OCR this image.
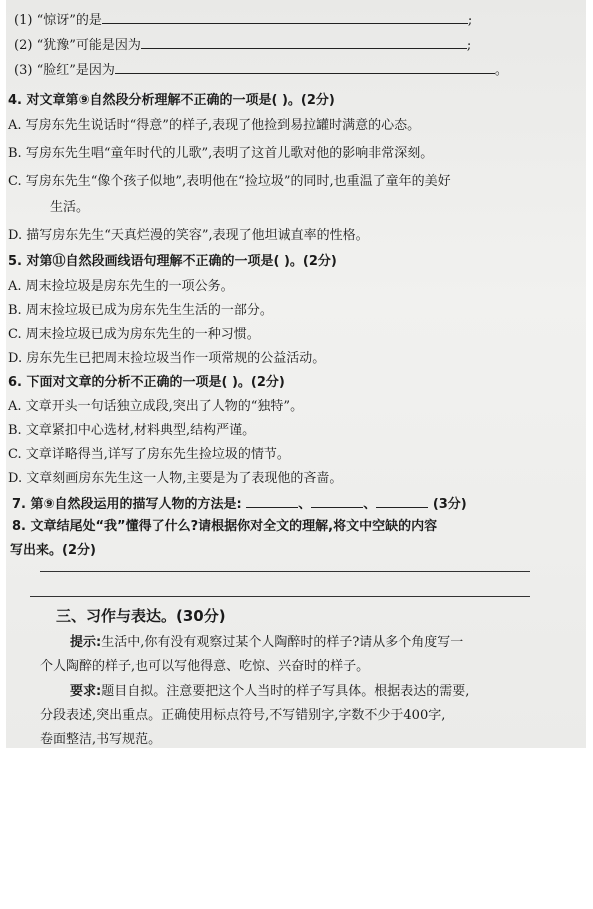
(1) “惊讶”的是	;
(2) “犹豫”可能是因为	;
(3) “脸红”是因为	。
4. 对文章第⑨自然段分析理解不正确的一项是( )。(2分)
A. 写房东先生说话时“得意”的样子,表现了他捡到易拉罐时满意的心态。
B. 写房东先生唱“童年时代的儿歌”,表明了这首儿歌对他的影响非常深刻。
C. 写房东先生“像个孩子似地”,表明他在“捡垃圾”的同时,也重温了童年的美好
生活。
D. 描写房东先生“天真烂漫的笑容”,表现了他坦诚直率的性格。
5. 对第⑪自然段画线语句理解不正确的一项是( )。(2分)
A. 周末捡垃圾是房东先生的一项公务。
B. 周末捡垃圾已成为房东先生生活的一部分。
C. 周末捡垃圾已成为房东先生的一种习惯。
D. 房东先生已把周末捡垃圾当作一项常规的公益活动。
6. 下面对文章的分析不正确的一项是( )。(2分)
A. 文章开头一句话独立成段,突出了人物的“独特”。
B. 文章紧扣中心选材,材料典型,结构严谨。
C. 文章详略得当,详写了房东先生捡垃圾的情节。
D. 文章刻画房东先生这一人物,主要是为了表现他的吝啬。
7. 第⑨自然段运用的描写人物的方法是:	、	、	(3分)
8. 文章结尾处“我”懂得了什么?请根据你对全文的理解,将文中空缺的内容
写出来。(2分)
三、习作与表达。(30分)
提示:生活中,你有没有观察过某个人陶醉时的样子?请从多个角度写一
个人陶醉的样子,也可以写他得意、吃惊、兴奋时的样子。
要求:题目自拟。注意要把这个人当时的样子写具体。根据表达的需要,
分段表述,突出重点。正确使用标点符号,不写错别字,字数不少于400字,
卷面整洁,书写规范。
